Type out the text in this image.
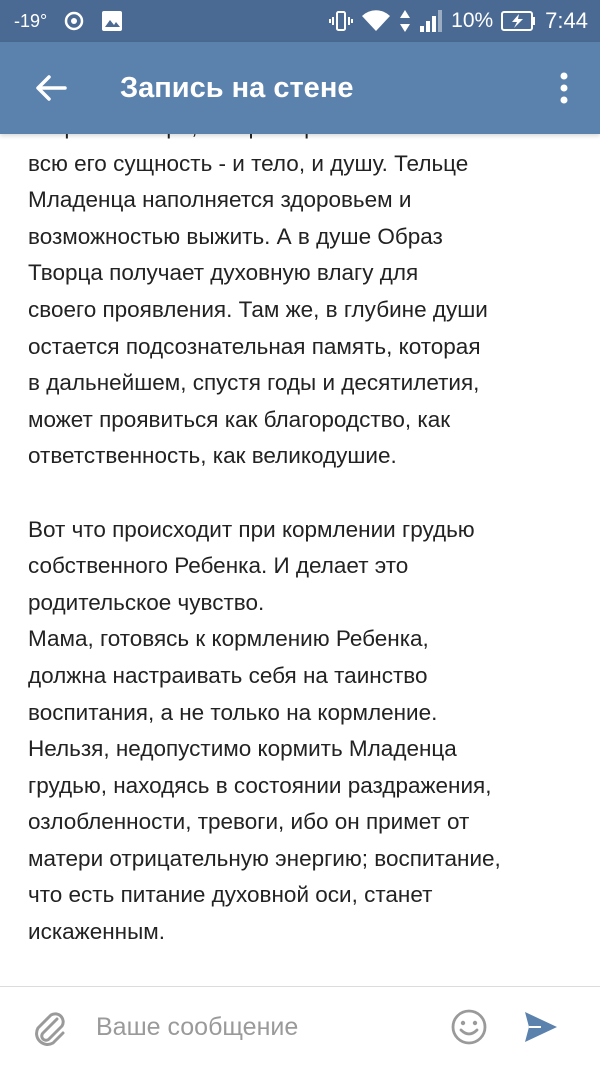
-19°	10% 7:44
Запись на стене

всю его сущность - и тело, и душу. Тельце
Младенца наполняется здоровьем и
возможностью выжить. А в душе Образ
Творца получает духовную влагу для
своего проявления. Там же, в глубине души
остается подсознательная память, которая
в дальнейшем, спустя годы и десятилетия,
может проявиться как благородство, как
ответственность, как великодушие.

Вот что происходит при кормлении грудью
собственного Ребенка. И делает это
родительское чувство.
Мама, готовясь к кормлению Ребенка,
должна настраивать себя на таинство
воспитания, а не только на кормление.
Нельзя, недопустимо кормить Младенца
грудью, находясь в состоянии раздражения,
озлобленности, тревоги, ибо он примет от
матери отрицательную энергию; воспитание,
что есть питание духовной оси, станет
искаженным.

Ваше сообщение
